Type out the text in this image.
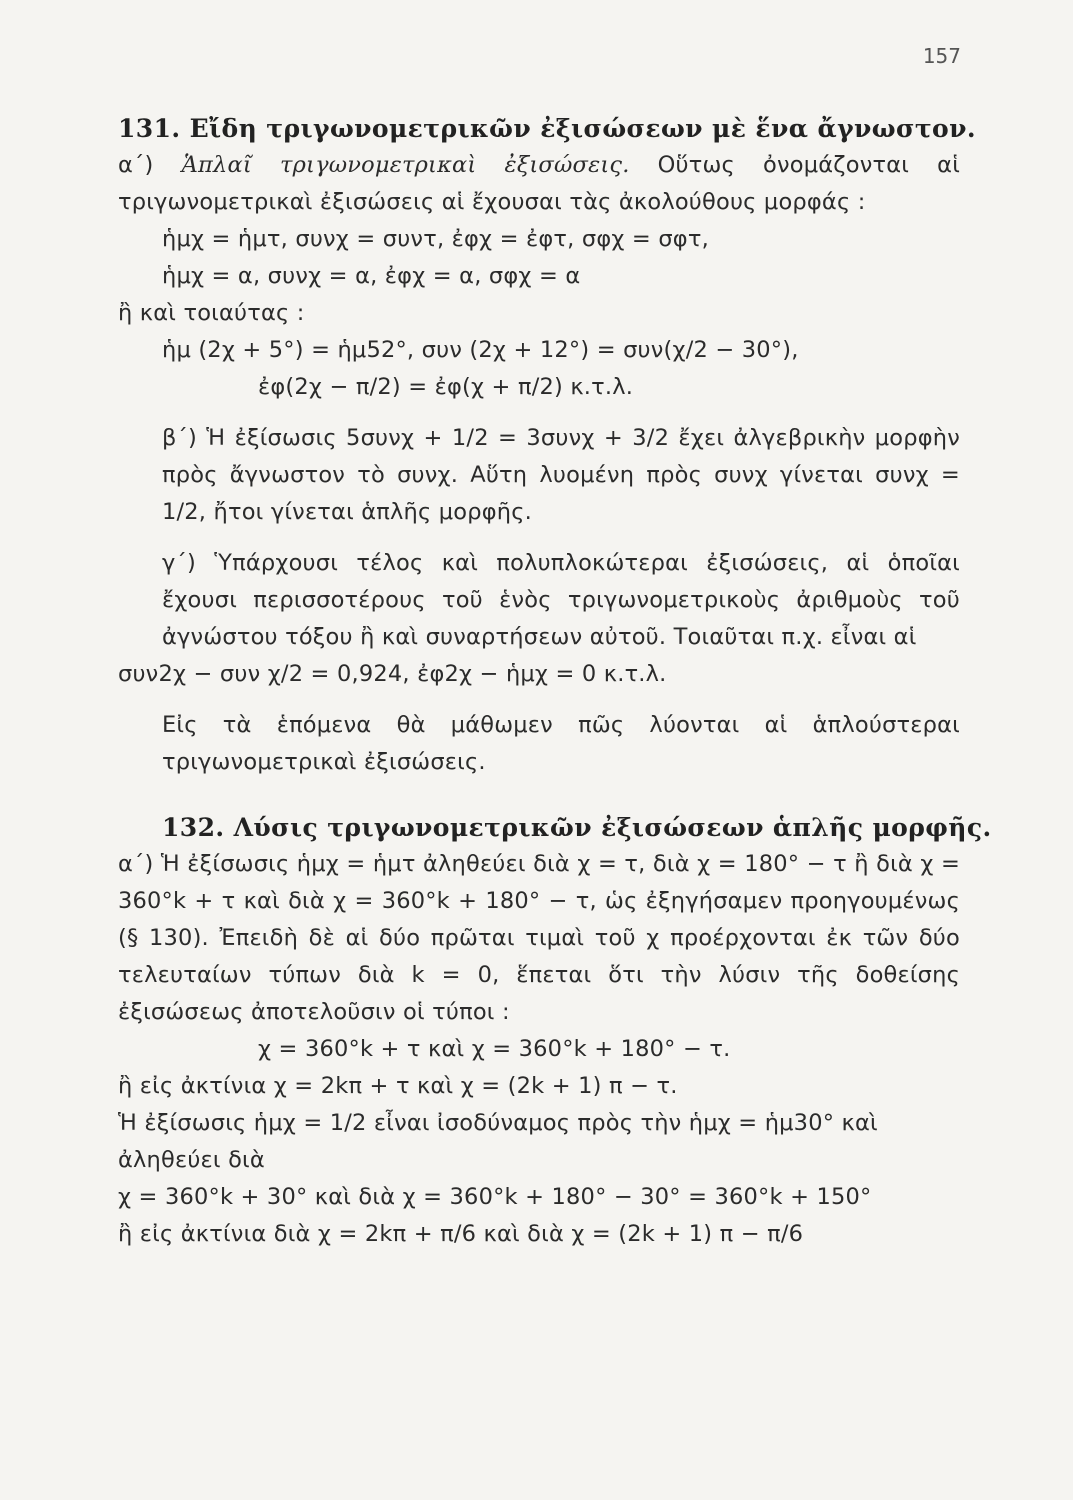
157
131. Εἴδη τριγωνομετρικῶν ἐξισώσεων μὲ ἕνα ἄγνωστον.
α΄) Ἁπλαῖ τριγωνομετρικαὶ ἐξισώσεις. Οὕτως ὀνομάζονται αἱ τριγωνομετρικαὶ ἐξισώσεις αἱ ἔχουσαι τὰς ἀκολούθους μορφάς :
ἡμχ = ἡμτ, συνχ = συντ, ἐφχ = ἐφτ, σφχ = σφτ,
ἡμχ = α, συνχ = α, ἐφχ = α, σφχ = α
ἢ καὶ τοιαύτας :
ἡμ (2χ + 5°) = ἡμ52°, συν (2χ + 12°) = συν(χ/2 − 30°),
ἐφ(2χ − π/2) = ἐφ(χ + π/2) κ.τ.λ.
β΄) Ἡ ἐξίσωσις 5συνχ + 1/2 = 3συνχ + 3/2 ἔχει ἀλγεβρικὴν μορφὴν πρὸς ἄγνωστον τὸ συνχ. Αὕτη λυομένη πρὸς συνχ γίνεται συνχ = 1/2, ἤτοι γίνεται ἁπλῆς μορφῆς.
γ΄) Ὑπάρχουσι τέλος καὶ πολυπλοκώτεραι ἐξισώσεις, αἱ ὁποῖαι ἔχουσι περισσοτέρους τοῦ ἑνὸς τριγωνομετρικοὺς ἀριθμοὺς τοῦ ἀγνώστου τόξου ἢ καὶ συναρτήσεων αὐτοῦ. Τοιαῦται π.χ. εἶναι αἱ
συν2χ − συν χ/2 = 0,924, ἐφ2χ − ἡμχ = 0 κ.τ.λ.
Εἰς τὰ ἑπόμενα θὰ μάθωμεν πῶς λύονται αἱ ἁπλούστεραι τριγωνομετρικαὶ ἐξισώσεις.
132. Λύσις τριγωνομετρικῶν ἐξισώσεων ἁπλῆς μορφῆς.
α΄) Ἡ ἐξίσωσις ἡμχ = ἡμτ ἀληθεύει διὰ χ = τ, διὰ χ = 180° − τ ἢ διὰ χ = 360°k + τ καὶ διὰ χ = 360°k + 180° − τ, ὡς ἐξηγήσαμεν προηγουμένως (§ 130). Ἐπειδὴ δὲ αἱ δύο πρῶται τιμαὶ τοῦ χ προέρχονται ἐκ τῶν δύο τελευταίων τύπων διὰ k = 0, ἕπεται ὅτι τὴν λύσιν τῆς δοθείσης ἐξισώσεως ἀποτελοῦσιν οἱ τύποι :
χ = 360°k + τ καὶ χ = 360°k + 180° − τ.
ἢ εἰς ἀκτίνια χ = 2kπ + τ καὶ χ = (2k + 1) π − τ.
Ἡ ἐξίσωσις ἡμχ = 1/2 εἶναι ἰσοδύναμος πρὸς τὴν ἡμχ = ἡμ30° καὶ
ἀληθεύει διὰ
χ = 360°k + 30° καὶ διὰ χ = 360°k + 180° − 30° = 360°k + 150°
ἢ εἰς ἀκτίνια διὰ χ = 2kπ + π/6 καὶ διὰ χ = (2k + 1) π − π/6
